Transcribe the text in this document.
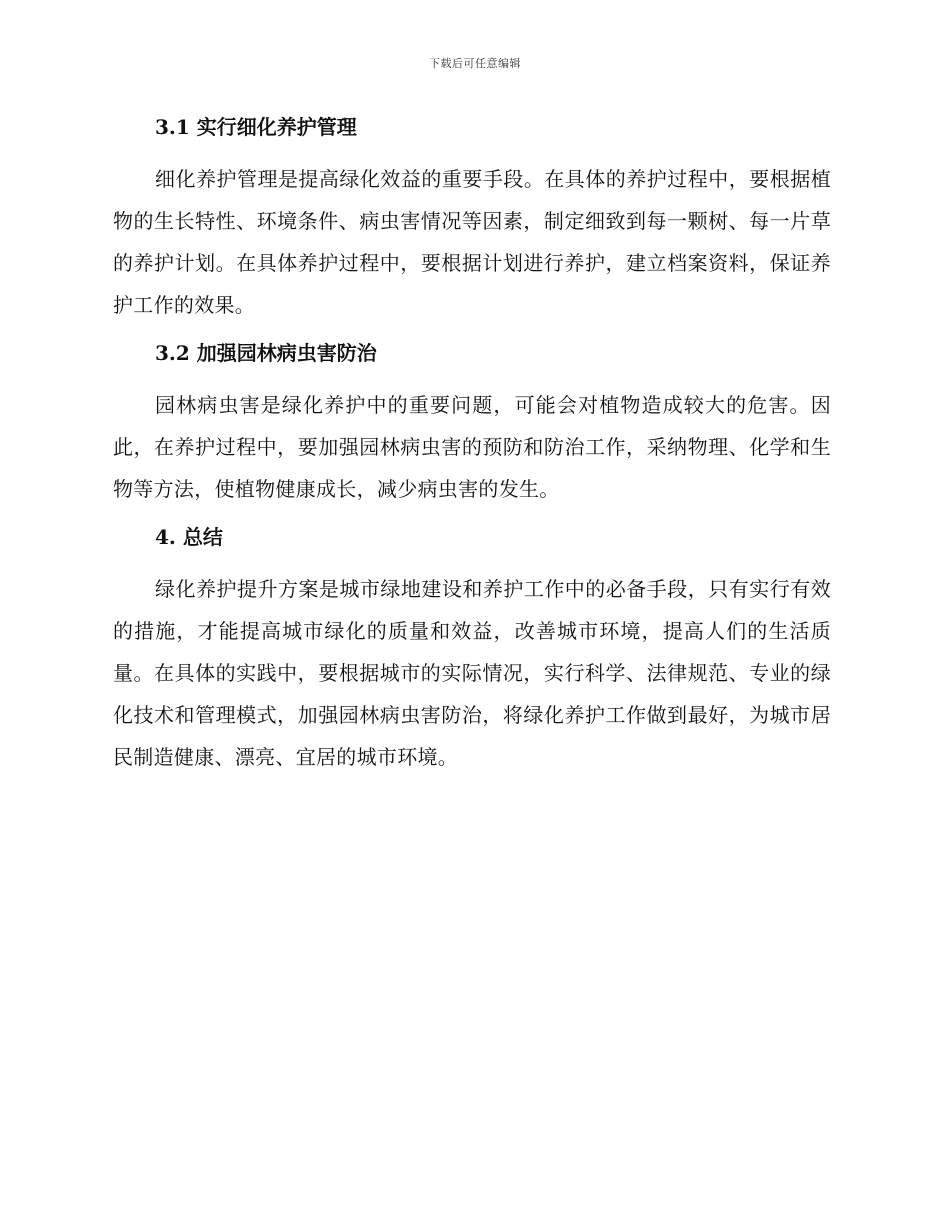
下载后可任意编辑
3.1 实行细化养护管理

细化养护管理是提高绿化效益的重要手段。在具体的养护过程中，要根据植物的生长特性、环境条件、病虫害情况等因素，制定细致到每一颗树、每一片草的养护计划。在具体养护过程中，要根据计划进行养护，建立档案资料，保证养护工作的效果。

3.2 加强园林病虫害防治

园林病虫害是绿化养护中的重要问题，可能会对植物造成较大的危害。因此，在养护过程中，要加强园林病虫害的预防和防治工作，采纳物理、化学和生物等方法，使植物健康成长，减少病虫害的发生。

4. 总结

绿化养护提升方案是城市绿地建设和养护工作中的必备手段，只有实行有效的措施，才能提高城市绿化的质量和效益，改善城市环境，提高人们的生活质量。在具体的实践中，要根据城市的实际情况，实行科学、法律规范、专业的绿化技术和管理模式，加强园林病虫害防治，将绿化养护工作做到最好，为城市居民制造健康、漂亮、宜居的城市环境。
